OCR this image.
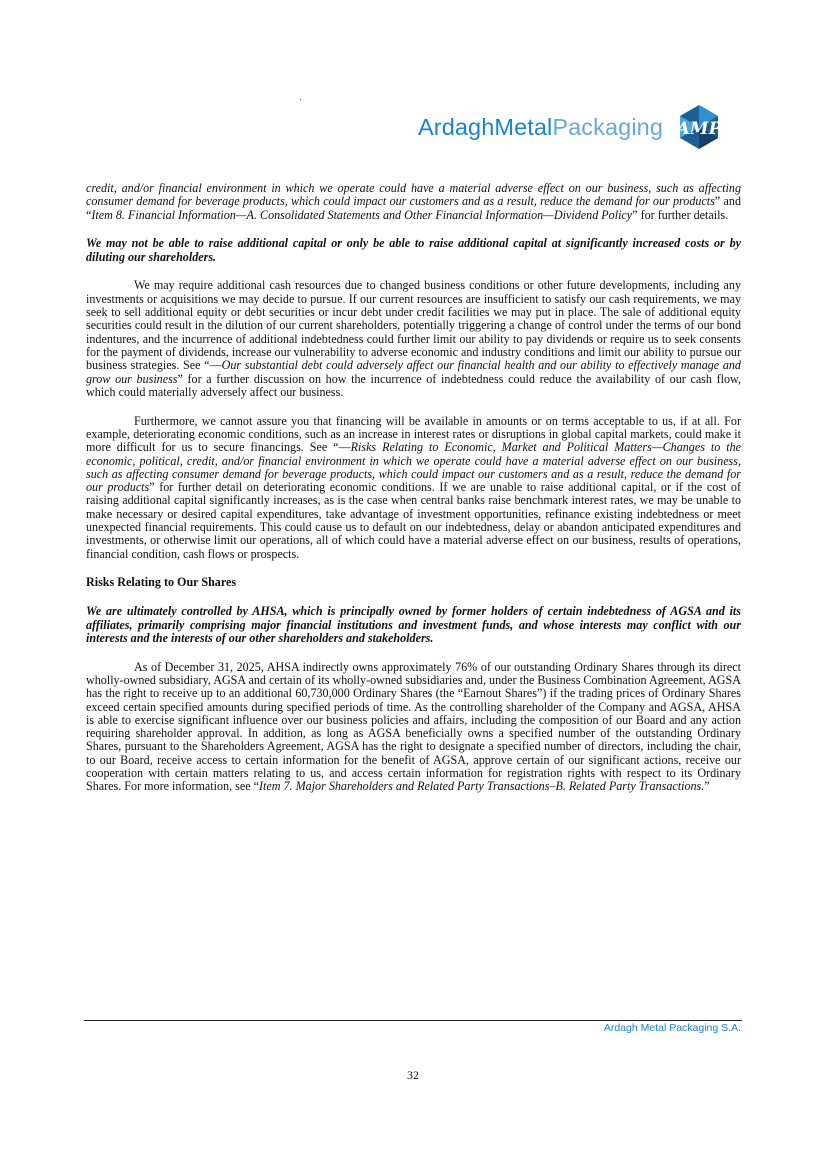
ArdaghMetalPackaging AMP

credit, and/or financial environment in which we operate could have a material adverse effect on our business, such as affecting consumer demand for beverage products, which could impact our customers and as a result, reduce the demand for our products” and “Item 8. Financial Information—A. Consolidated Statements and Other Financial Information—Dividend Policy” for further details.

We may not be able to raise additional capital or only be able to raise additional capital at significantly increased costs or by diluting our shareholders.

We may require additional cash resources due to changed business conditions or other future developments, including any investments or acquisitions we may decide to pursue. If our current resources are insufficient to satisfy our cash requirements, we may seek to sell additional equity or debt securities or incur debt under credit facilities we may put in place. The sale of additional equity securities could result in the dilution of our current shareholders, potentially triggering a change of control under the terms of our bond indentures, and the incurrence of additional indebtedness could further limit our ability to pay dividends or require us to seek consents for the payment of dividends, increase our vulnerability to adverse economic and industry conditions and limit our ability to pursue our business strategies. See “—Our substantial debt could adversely affect our financial health and our ability to effectively manage and grow our business” for a further discussion on how the incurrence of indebtedness could reduce the availability of our cash flow, which could materially adversely affect our business.

Furthermore, we cannot assure you that financing will be available in amounts or on terms acceptable to us, if at all. For example, deteriorating economic conditions, such as an increase in interest rates or disruptions in global capital markets, could make it more difficult for us to secure financings. See “—Risks Relating to Economic, Market and Political Matters—Changes to the economic, political, credit, and/or financial environment in which we operate could have a material adverse effect on our business, such as affecting consumer demand for beverage products, which could impact our customers and as a result, reduce the demand for our products” for further detail on deteriorating economic conditions. If we are unable to raise additional capital, or if the cost of raising additional capital significantly increases, as is the case when central banks raise benchmark interest rates, we may be unable to make necessary or desired capital expenditures, take advantage of investment opportunities, refinance existing indebtedness or meet unexpected financial requirements. This could cause us to default on our indebtedness, delay or abandon anticipated expenditures and investments, or otherwise limit our operations, all of which could have a material adverse effect on our business, results of operations, financial condition, cash flows or prospects.

Risks Relating to Our Shares

We are ultimately controlled by AHSA, which is principally owned by former holders of certain indebtedness of AGSA and its affiliates, primarily comprising major financial institutions and investment funds, and whose interests may conflict with our interests and the interests of our other shareholders and stakeholders.

As of December 31, 2025, AHSA indirectly owns approximately 76% of our outstanding Ordinary Shares through its direct wholly-owned subsidiary, AGSA and certain of its wholly-owned subsidiaries and, under the Business Combination Agreement, AGSA has the right to receive up to an additional 60,730,000 Ordinary Shares (the “Earnout Shares”) if the trading prices of Ordinary Shares exceed certain specified amounts during specified periods of time. As the controlling shareholder of the Company and AGSA, AHSA is able to exercise significant influence over our business policies and affairs, including the composition of our Board and any action requiring shareholder approval. In addition, as long as AGSA beneficially owns a specified number of the outstanding Ordinary Shares, pursuant to the Shareholders Agreement, AGSA has the right to designate a specified number of directors, including the chair, to our Board, receive access to certain information for the benefit of AGSA, approve certain of our significant actions, receive our cooperation with certain matters relating to us, and access certain information for registration rights with respect to its Ordinary Shares. For more information, see “Item 7. Major Shareholders and Related Party Transactions–B. Related Party Transactions.”

Ardagh Metal Packaging S.A.
32
